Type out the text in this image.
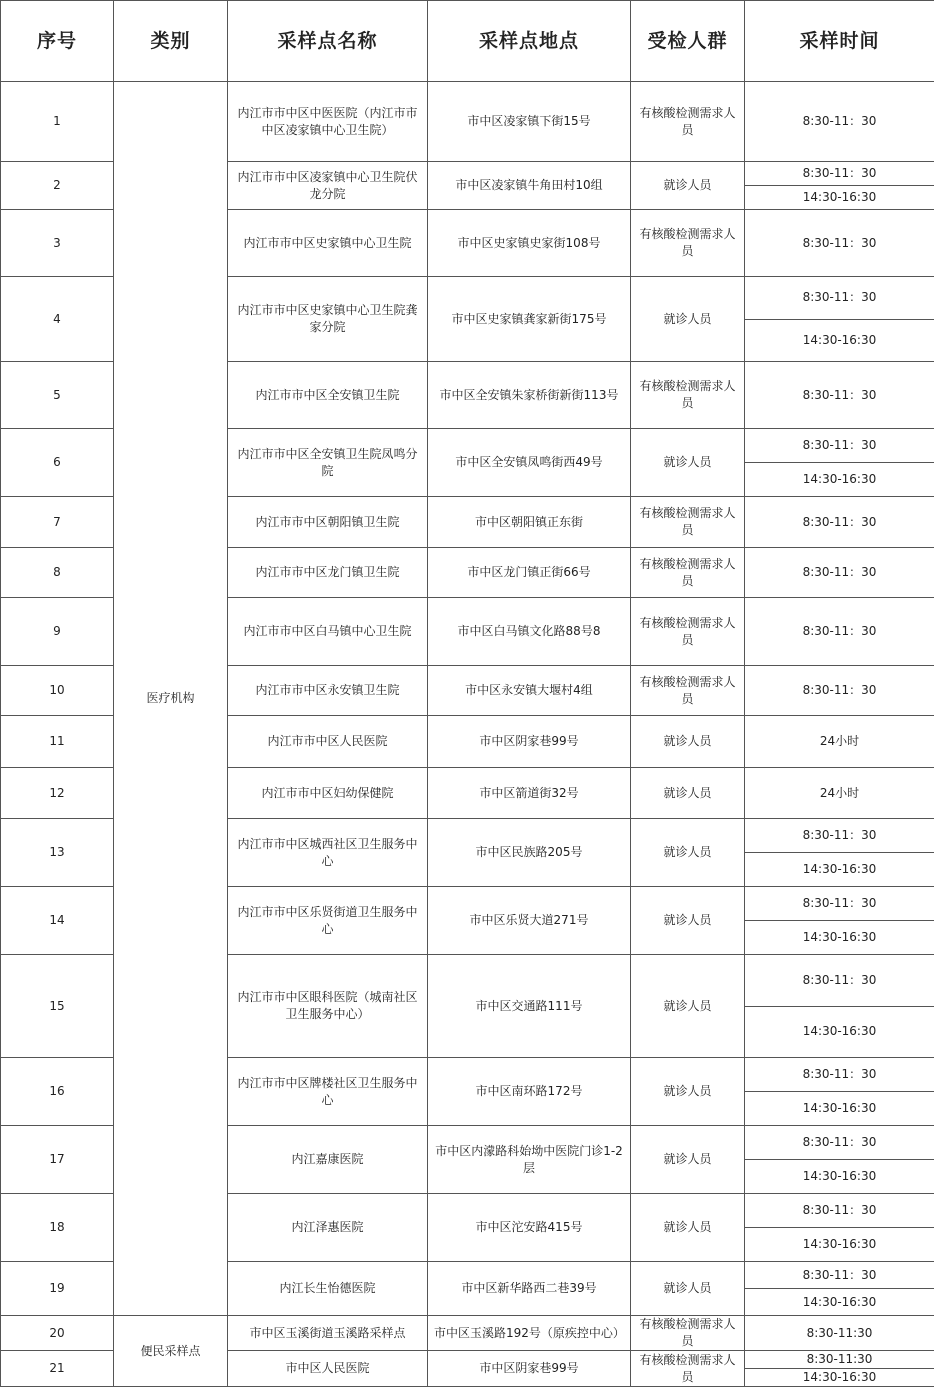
序号	类别	采样点名称	采样点地点	受检人群	采样时间
1	医疗机构	内江市市中区中医医院（内江市市中区凌家镇中心卫生院）	市中区凌家镇下街15号	有核酸检测需求人员	8:30-11：30
2		内江市市中区凌家镇中心卫生院伏龙分院	市中区凌家镇牛角田村10组	就诊人员	8:30-11：30
					14:30-16:30
3		内江市市中区史家镇中心卫生院	市中区史家镇史家街108号	有核酸检测需求人员	8:30-11：30
4		内江市市中区史家镇中心卫生院龚家分院	市中区史家镇龚家新街175号	就诊人员	8:30-11：30
					14:30-16:30
5		内江市市中区全安镇卫生院	市中区全安镇朱家桥街新街113号	有核酸检测需求人员	8:30-11：30
6		内江市市中区全安镇卫生院凤鸣分院	市中区全安镇凤鸣街西49号	就诊人员	8:30-11：30
					14:30-16:30
7		内江市市中区朝阳镇卫生院	市中区朝阳镇正东街	有核酸检测需求人员	8:30-11：30
8		内江市市中区龙门镇卫生院	市中区龙门镇正街66号	有核酸检测需求人员	8:30-11：30
9		内江市市中区白马镇中心卫生院	市中区白马镇文化路88号8	有核酸检测需求人员	8:30-11：30
10		内江市市中区永安镇卫生院	市中区永安镇大堰村4组	有核酸检测需求人员	8:30-11：30
11		内江市市中区人民医院	市中区阴家巷99号	就诊人员	24小时
12		内江市市中区妇幼保健院	市中区箭道街32号	就诊人员	24小时
13		内江市市中区城西社区卫生服务中心	市中区民族路205号	就诊人员	8:30-11：30
					14:30-16:30
14		内江市市中区乐贤街道卫生服务中心	市中区乐贤大道271号	就诊人员	8:30-11：30
					14:30-16:30
15		内江市市中区眼科医院（城南社区卫生服务中心）	市中区交通路111号	就诊人员	8:30-11：30
					14:30-16:30
16		内江市市中区牌楼社区卫生服务中心	市中区南环路172号	就诊人员	8:30-11：30
					14:30-16:30
17		内江嘉康医院	市中区内濛路科始坳中医院门诊1-2层	就诊人员	8:30-11：30
					14:30-16:30
18		内江泽惠医院	市中区沱安路415号	就诊人员	8:30-11：30
					14:30-16:30
19		内江长生怡德医院	市中区新华路西二巷39号	就诊人员	8:30-11：30
					14:30-16:30
20	便民采样点	市中区玉溪街道玉溪路采样点	市中区玉溪路192号（原疾控中心）	有核酸检测需求人员	8:30-11:30
21		市中区人民医院	市中区阴家巷99号	有核酸检测需求人员	8:30-11:30
					14:30-16:30
